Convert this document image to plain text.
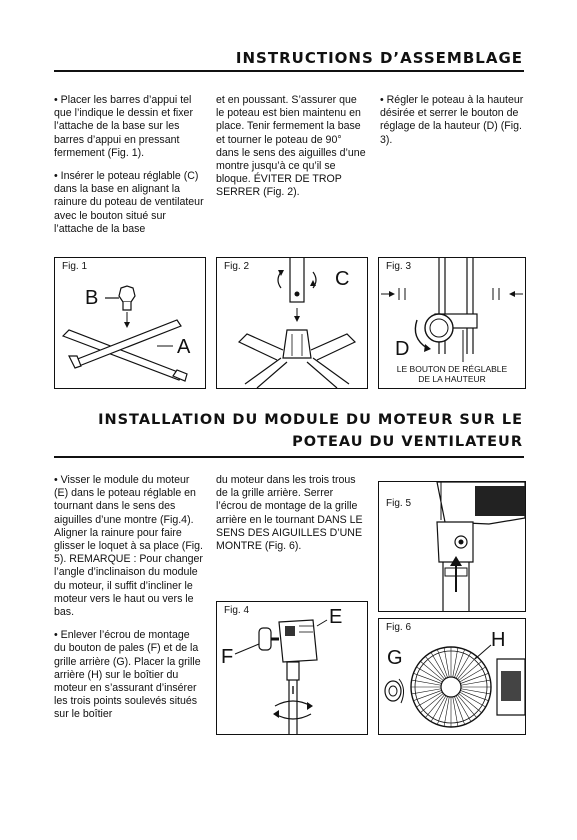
INSTRUCTIONS D’ASSEMBLAGE

• Placer les barres d’appui tel que l’indique le dessin et fixer l’attache de la base sur les barres d’appui en pressant fermement (Fig. 1).

• Insérer le poteau réglable (C) dans la base en alignant la rainure du poteau de ventilateur avec le bouton situé sur l’attache de la base

et en poussant. S’assurer que le poteau est bien maintenu en place. Tenir fermement la base et tourner le poteau de 90° dans le sens des aiguilles d’une montre jusqu’à ce qu’il se bloque. ÉVITER DE TROP SERRER (Fig. 2).

• Régler le poteau à la hauteur désirée et serrer le bouton de réglage de la hauteur (D) (Fig. 3).

Fig. 1
B
A
Fig. 2
C
Fig. 3
D
LE BOUTON DE RÉGLABLE
DE LA HAUTEUR
INSTALLATION DU MODULE DU MOTEUR SUR LE
POTEAU DU VENTILATEUR

• Visser le module du moteur (E) dans le poteau réglable en tournant dans le sens des aiguilles d’une montre (Fig.4). Aligner la rainure pour faire glisser le loquet à sa place (Fig. 5). REMARQUE : Pour changer l’angle d’inclinaison du module du moteur, il suffit d’incliner le moteur vers le haut ou vers le bas.

• Enlever l’écrou de montage du bouton de pales (F) et de la grille arrière (G). Placer la grille arrière (H) sur le boîtier du moteur en s’assurant d’insérer les trois points soulevés situés sur le boîtier

du moteur dans les trois trous de la grille arrière. Serrer l’écrou de montage de la grille arrière en le tournant DANS LE SENS DES AIGUILLES D’UNE MONTRE (Fig. 6).

Fig. 4	E
F
Fig. 5
Fig. 6
G
H
